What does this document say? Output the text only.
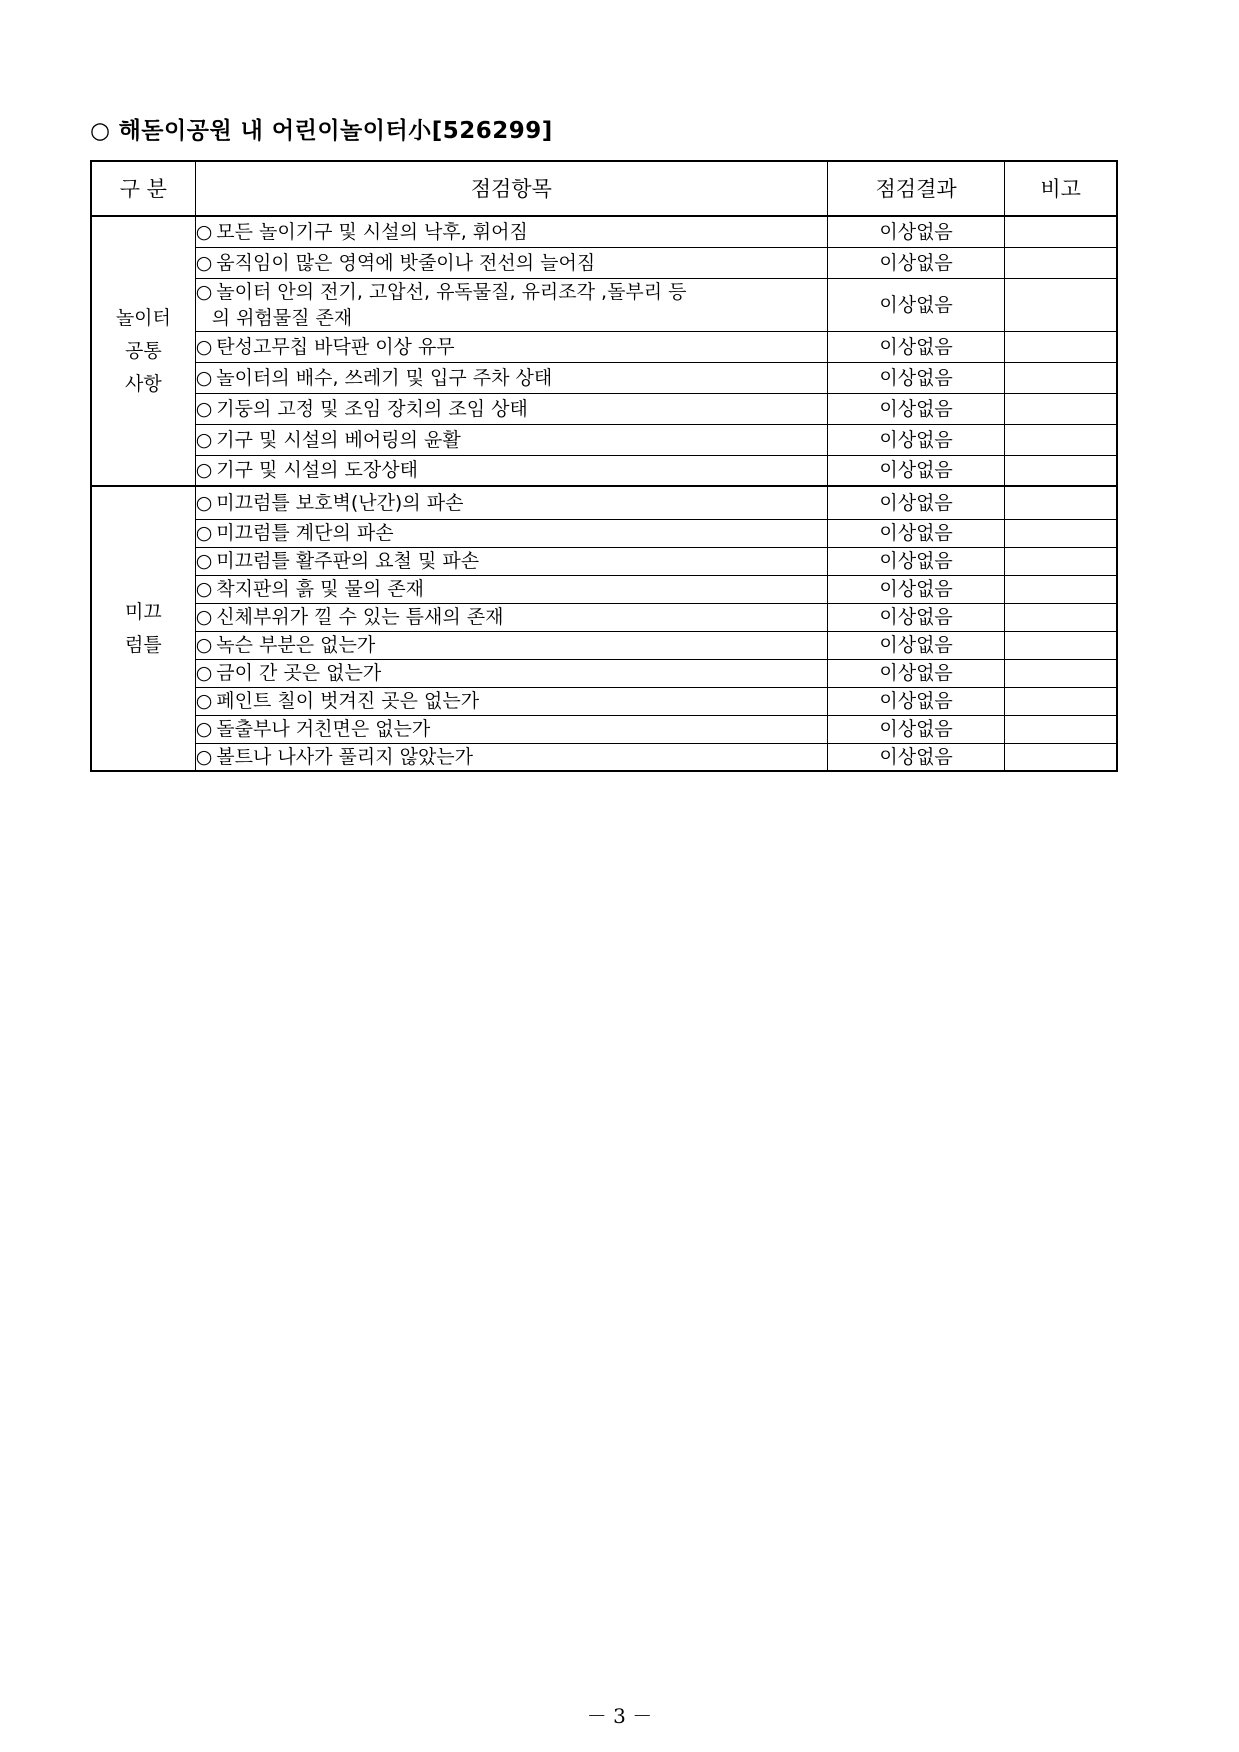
○ 해돋이공원 내 어린이놀이터小[526299]
구 분	점검항목	점검결과	비고

놀이터
공통
사항	○ 모든 놀이기구 및 시설의 낙후, 휘어짐	이상없음	
	○ 움직임이 많은 영역에 밧줄이나 전선의 늘어짐	이상없음	
	○ 놀이터 안의 전기, 고압선, 유독물질, 유리조각 ,돌부리 등
의 위험물질 존재	이상없음	
	○ 탄성고무칩 바닥판 이상 유무	이상없음	
	○ 놀이터의 배수, 쓰레기 및 입구 주차 상태	이상없음	
	○ 기둥의 고정 및 조임 장치의 조임 상태	이상없음	
	○ 기구 및 시설의 베어링의 윤활	이상없음	
	○ 기구 및 시설의 도장상태	이상없음	

미끄
럼틀	○ 미끄럼틀 보호벽(난간)의 파손	이상없음	
	○ 미끄럼틀 계단의 파손	이상없음	
	○ 미끄럼틀 활주판의 요철 및 파손	이상없음	
	○ 착지판의 흙 및 물의 존재	이상없음	
	○ 신체부위가 낄 수 있는 틈새의 존재	이상없음	
	○ 녹슨 부분은 없는가	이상없음	
	○ 금이 간 곳은 없는가	이상없음	
	○ 페인트 칠이 벗겨진 곳은 없는가	이상없음	
	○ 돌출부나 거친면은 없는가	이상없음	
	○ 볼트나 나사가 풀리지 않았는가	이상없음	
－ 3 －
